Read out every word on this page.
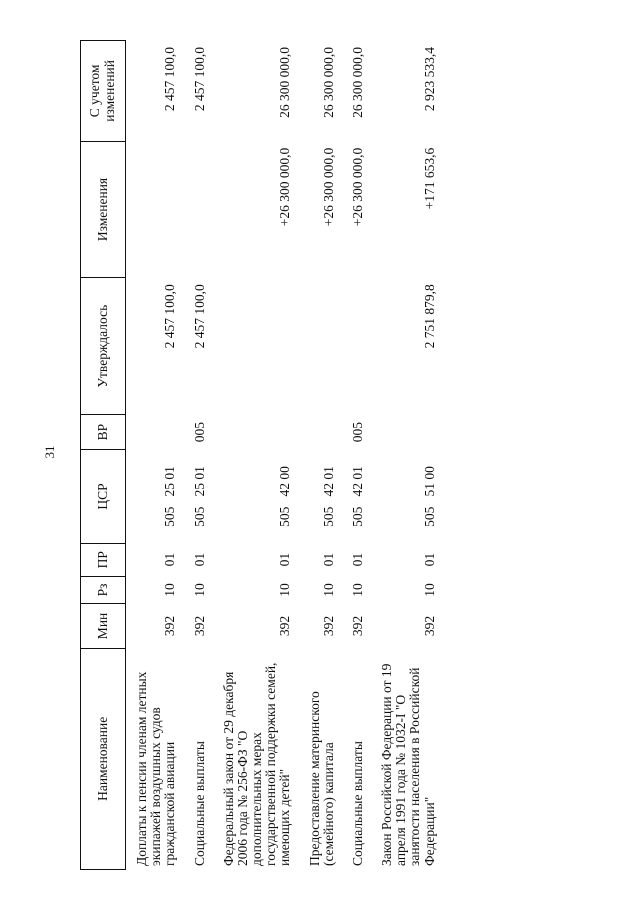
31
Наименование	Мин	Рз	ПР	ЦСР	ВР	Утверждалось	Изменения	С учетом изменений
Доплаты к пенсии членам летных экипажей воздушных судов гражданской авиации	392	10	01	505   25 01		2 457 100,0		2 457 100,0
Социальные выплаты	392	10	01	505   25 01	005	2 457 100,0		2 457 100,0
Федеральный закон от 29 декабря 2006 года № 256-ФЗ "О дополнительных мерах государственной поддержки семей, имеющих детей"	392	10	01	505   42 00			+26 300 000,0	26 300 000,0
Предоставление материнского (семейного) капитала	392	10	01	505   42 01			+26 300 000,0	26 300 000,0
Социальные выплаты	392	10	01	505   42 01	005		+26 300 000,0	26 300 000,0
Закон Российской Федерации от 19 апреля 1991 года № 1032-I "О занятости населения в Российской Федерации"	392	10	01	505   51 00		2 751 879,8	+171 653,6	2 923 533,4
